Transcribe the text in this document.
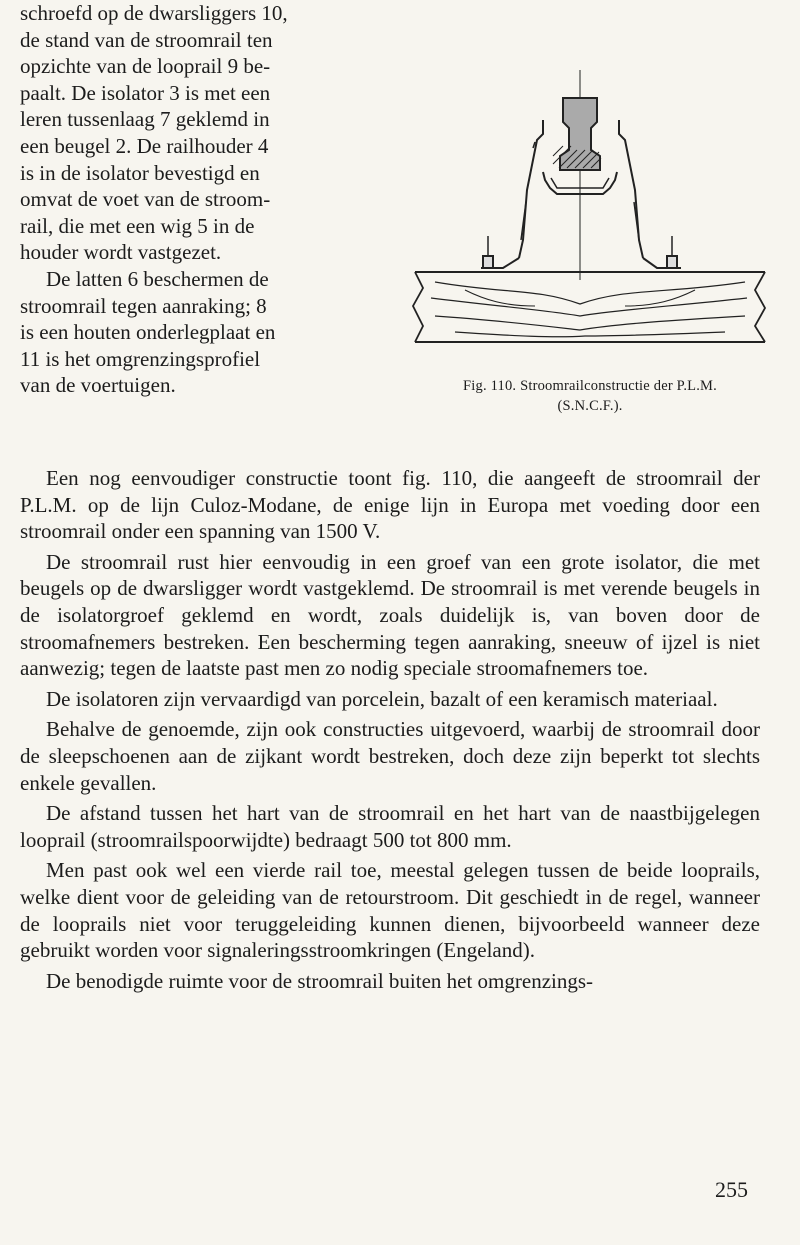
schroefd op de dwarsliggers 10,
de stand van de stroomrail ten
opzichte van de looprail 9 be-
paalt. De isolator 3 is met een
leren tussenlaag 7 geklemd in
een beugel 2. De railhouder 4
is in de isolator bevestigd en
omvat de voet van de stroom-
rail, die met een wig 5 in de
houder wordt vastgezet.

De latten 6 beschermen de
stroomrail tegen aanraking; 8
is een houten onderlegplaat en
11 is het omgrenzingsprofiel
van de voertuigen.	Fig. 110. Stroomrailconstructie der P.L.M.
(S.N.C.F.).

Een nog eenvoudiger constructie toont fig. 110, die aangeeft de stroomrail der P.L.M. op de lijn Culoz-Modane, de enige lijn in Europa met voeding door een stroomrail onder een spanning van 1500 V.

De stroomrail rust hier eenvoudig in een groef van een grote isolator, die met beugels op de dwarsligger wordt vastgeklemd. De stroomrail is met verende beugels in de isolatorgroef geklemd en wordt, zoals duidelijk is, van boven door de stroomafnemers bestreken. Een bescherming tegen aanraking, sneeuw of ijzel is niet aanwezig; tegen de laatste past men zo nodig speciale stroomafnemers toe.

De isolatoren zijn vervaardigd van porcelein, bazalt of een keramisch materiaal.

Behalve de genoemde, zijn ook constructies uitgevoerd, waarbij de stroomrail door de sleepschoenen aan de zijkant wordt bestreken, doch deze zijn beperkt tot slechts enkele gevallen.

De afstand tussen het hart van de stroomrail en het hart van de naastbijgelegen looprail (stroomrailspoorwijdte) bedraagt 500 tot 800 mm.

Men past ook wel een vierde rail toe, meestal gelegen tussen de beide looprails, welke dient voor de geleiding van de retourstroom. Dit geschiedt in de regel, wanneer de looprails niet voor teruggeleiding kunnen dienen, bijvoorbeeld wanneer deze gebruikt worden voor signaleringsstroomkringen (Engeland).

De benodigde ruimte voor de stroomrail buiten het omgrenzings-

255
